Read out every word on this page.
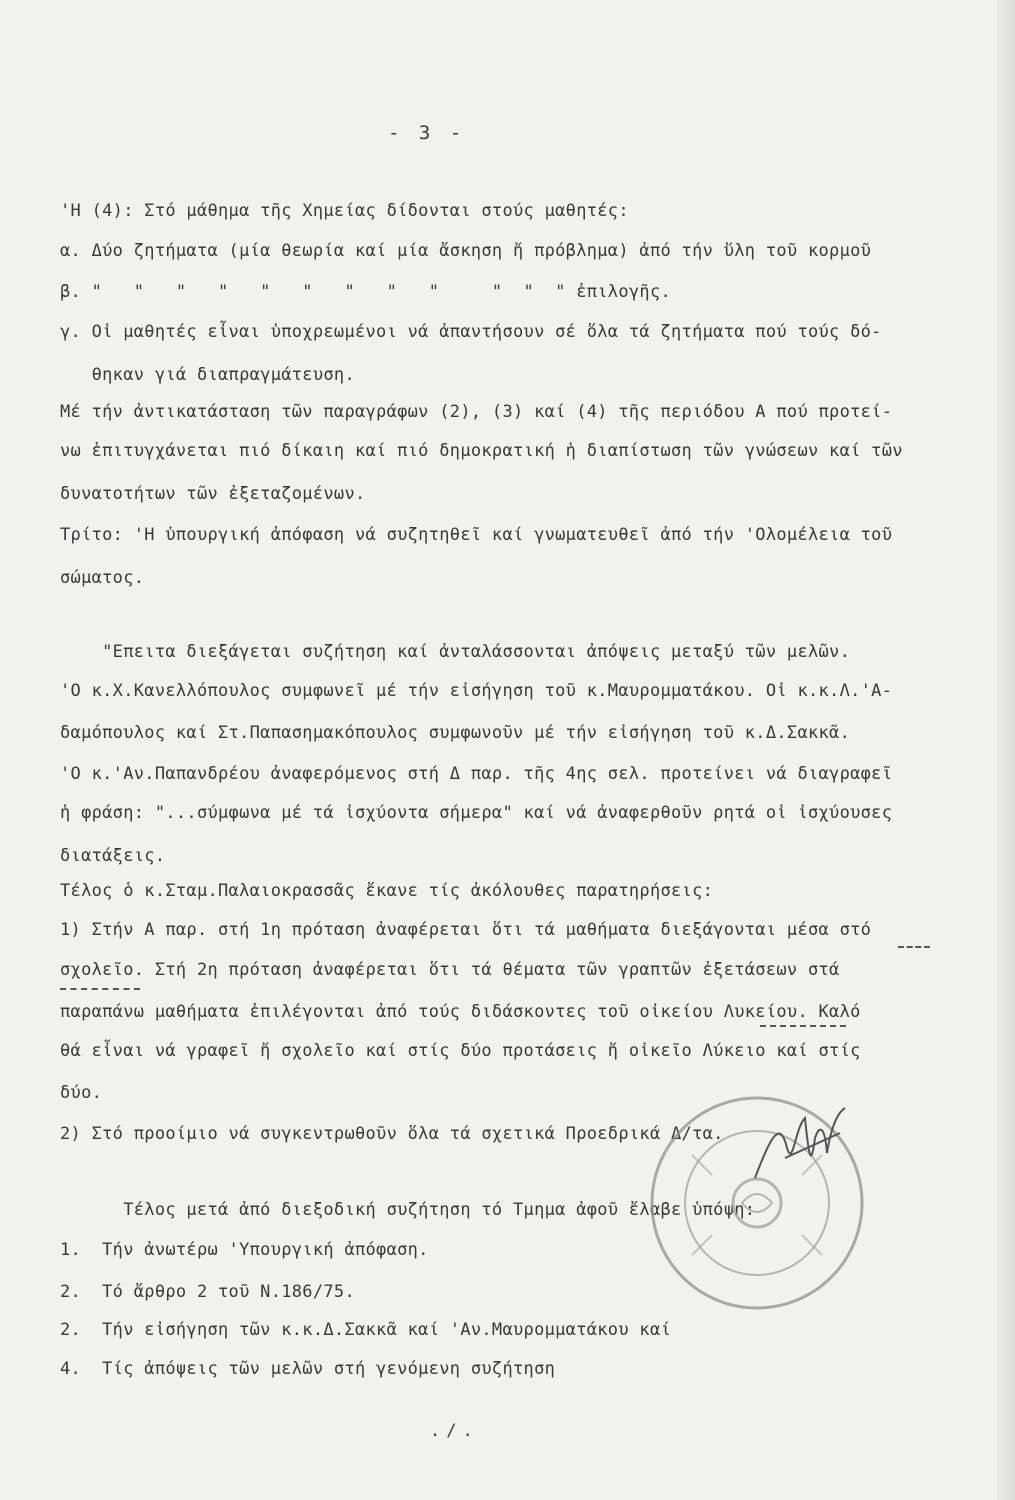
- 3 -
'Η (4): Στό μάθημα τῆς Χημείας δίδονται στούς μαθητές:
α. Δύο ζητήματα (μία θεωρία καί μία ἄσκηση ἤ πρόβλημα) ἀπό τήν ὕλη τοῦ κορμοῦ
β. "   "   "   "   "   "   "   "   "     "  "  " ἐπιλογῆς.
γ. Οἱ μαθητές εἶναι ὑποχρεωμένοι νά ἀπαντήσουν σέ ὅλα τά ζητήματα πού τούς δό-
θηκαν γιά διαπραγμάτευση.
Μέ τήν ἀντικατάσταση τῶν παραγράφων (2), (3) καί (4) τῆς περιόδου Α πού προτεί-
νω ἐπιτυγχάνεται πιό δίκαιη καί πιό δημοκρατική ἡ διαπίστωση τῶν γνώσεων καί τῶν
δυνατοτήτων τῶν ἐξεταζομένων.
Τρίτο: 'Η ὑπουργική ἀπόφαση νά συζητηθεῖ καί γνωματευθεῖ ἀπό τήν 'Ολομέλεια τοῦ
σώματος.
"Επειτα διεξάγεται συζήτηση καί ἀνταλάσσονται ἀπόψεις μεταξύ τῶν μελῶν.
'Ο κ.Χ.Κανελλόπουλος συμφωνεῖ μέ τήν εἰσήγηση τοῦ κ.Μαυρομματάκου. Οἱ κ.κ.Λ.'Α-
δαμόπουλος καί Στ.Παπασημακόπουλος συμφωνοῦν μέ τήν εἰσήγηση τοῦ κ.Δ.Σακκᾶ.
'Ο κ.'Αν.Παπανδρέου ἀναφερόμενος στή Δ παρ. τῆς 4ης σελ. προτείνει νά διαγραφεῖ
ἡ φράση: "...σύμφωνα μέ τά ἰσχύοντα σήμερα" καί νά ἀναφερθοῦν ρητά οἱ ἰσχύουσες
διατάξεις.
Τέλος ὁ κ.Σταμ.Παλαιοκρασσᾶς ἔκανε τίς ἀκόλουθες παρατηρήσεις:
1) Στήν Α παρ. στή 1η πρόταση ἀναφέρεται ὅτι τά μαθήματα διεξάγονται μέσα στό
σχολεῖο. Στή 2η πρόταση ἀναφέρεται ὅτι τά θέματα τῶν γραπτῶν ἐξετάσεων στά
παραπάνω μαθήματα ἐπιλέγονται ἀπό τούς διδάσκοντες τοῦ οἰκείου Λυκείου. Καλό
θά εἶναι νά γραφεῖ ἤ σχολεῖο καί στίς δύο προτάσεις ἤ οἰκεῖο Λύκειο καί στίς
δύο.
2) Στό προοίμιο νά συγκεντρωθοῦν ὅλα τά σχετικά Προεδρικά Δ/τα.
Τέλος μετά ἀπό διεξοδική συζήτηση τό Τμημα ἀφοῦ ἔλαβε ὑπόψη:
1.  Τήν ἀνωτέρω 'Υπουργική ἀπόφαση.
2.  Τό ἄρθρο 2 τοῦ Ν.186/75.
2.  Τήν εἰσήγηση τῶν κ.κ.Δ.Σακκᾶ καί 'Αν.Μαυρομματάκου καί
4.  Τίς ἀπόψεις τῶν μελῶν στή γενόμενη συζήτηση
./.
